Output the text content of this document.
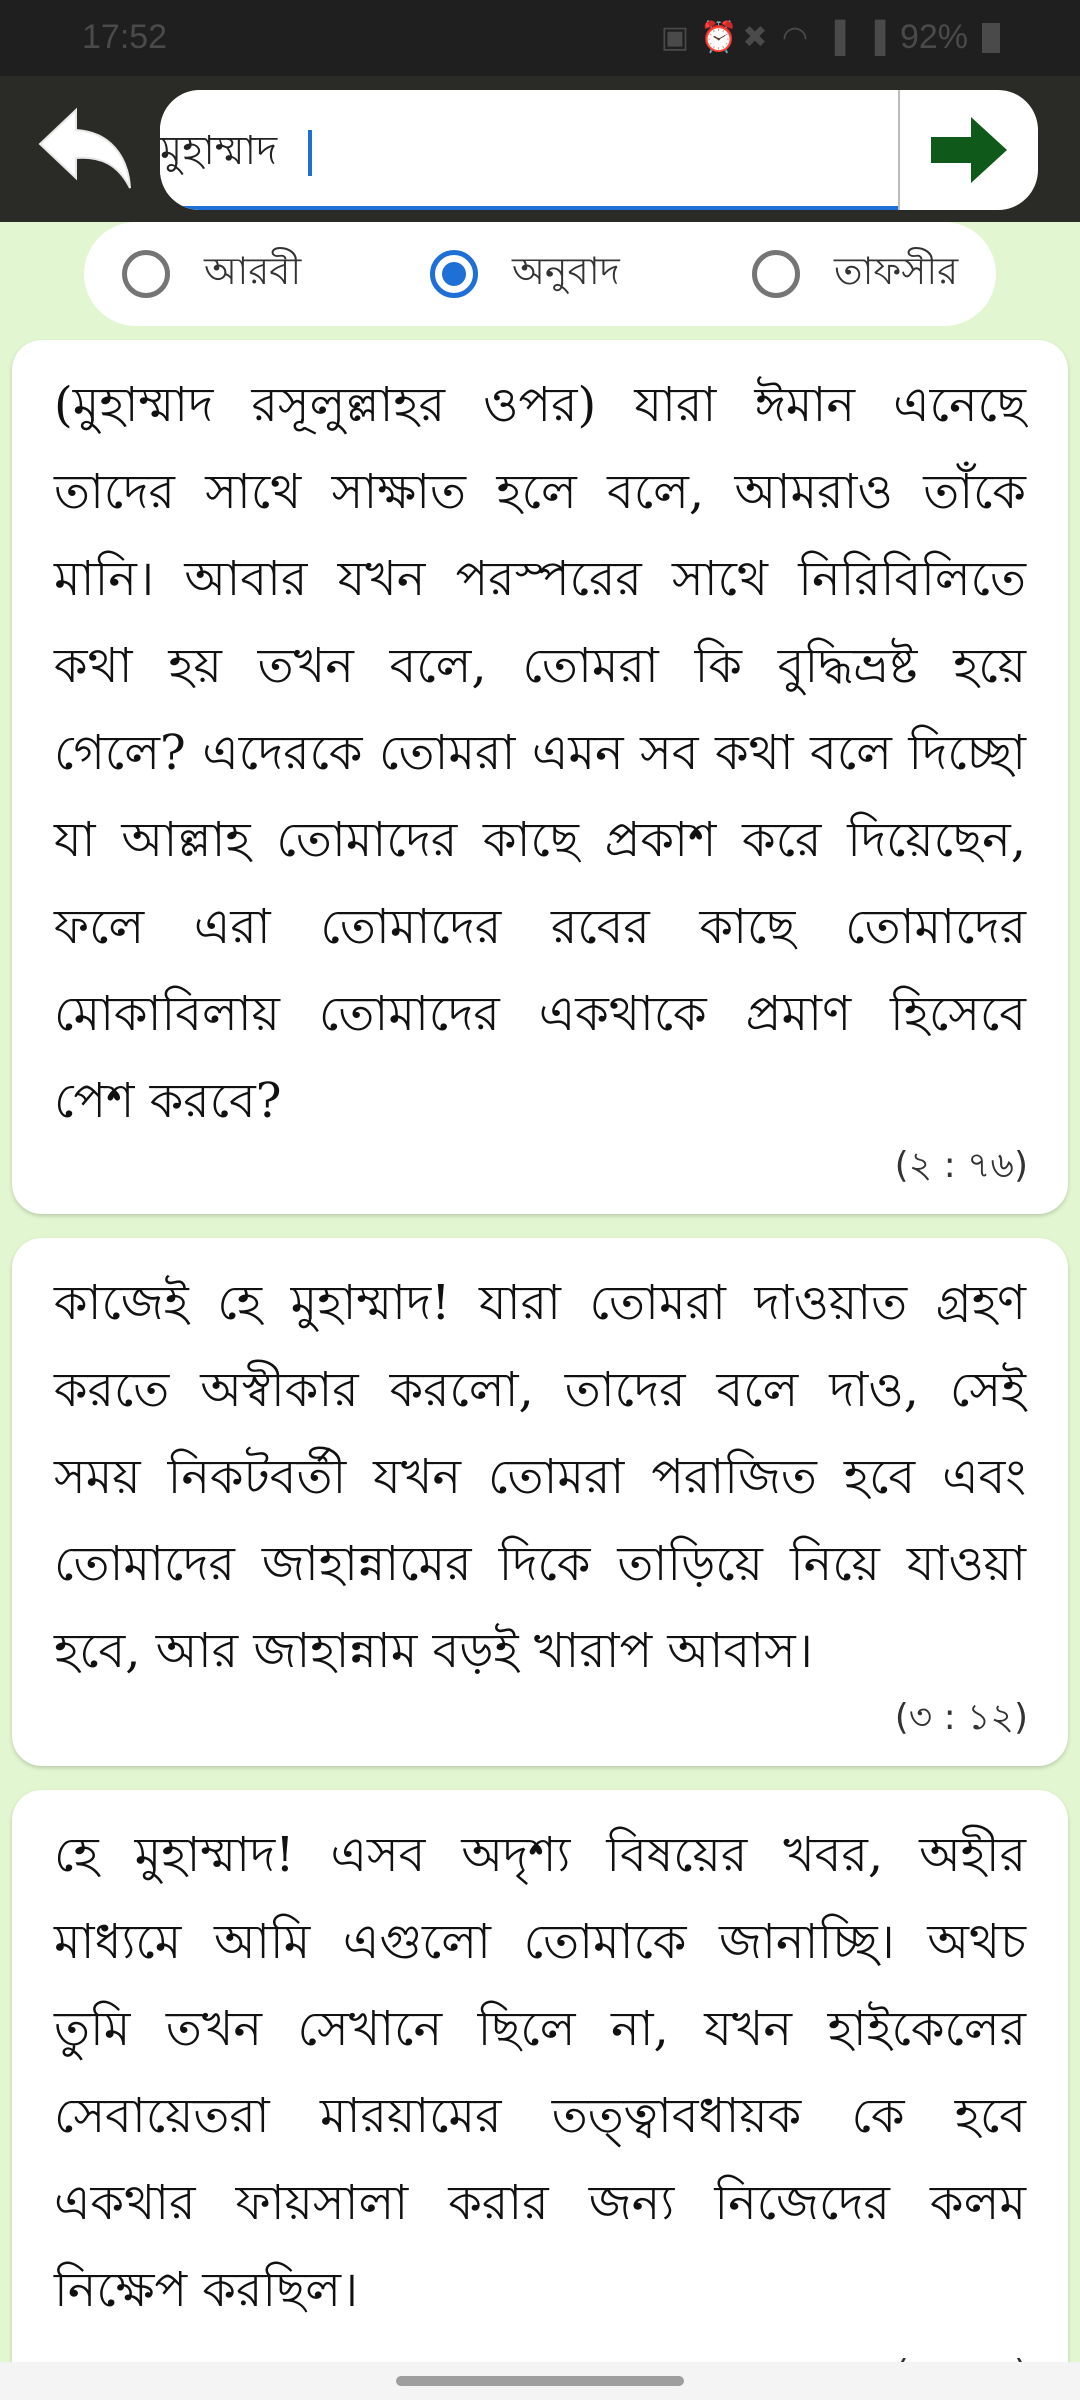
17:52	▣ ⏰ ✖ ◠ ▐ ▐ 92%
মুহাম্মাদ
আরবী	অনুবাদ	তাফসীর
(মুহাম্মাদ রসূলুল্লাহর ওপর) যারা ঈমান এনেছে তাদের সাথে সাক্ষাত হলে বলে, আমরাও তাঁকে মানি। আবার যখন পরস্পরের সাথে নিরিবিলিতে কথা হয় তখন বলে, তোমরা কি বুদ্ধিভ্রষ্ট হয়ে গেলে? এদেরকে তোমরা এমন সব কথা বলে দিচ্ছো যা আল্লাহ তোমাদের কাছে প্রকাশ করে দিয়েছেন, ফলে এরা তোমাদের রবের কাছে তোমাদের মোকাবিলায় তোমাদের একথাকে প্রমাণ হিসেবে পেশ করবে?
(২ : ৭৬)
কাজেই হে মুহাম্মাদ! যারা তোমরা দাওয়াত গ্রহণ করতে অস্বীকার করলো, তাদের বলে দাও, সেই সময় নিকটবর্তী যখন তোমরা পরাজিত হবে এবং তোমাদের জাহান্নামের দিকে তাড়িয়ে নিয়ে যাওয়া হবে, আর জাহান্নাম বড়ই খারাপ আবাস।
(৩ : ১২)
হে মুহাম্মাদ! এসব অদৃশ্য বিষয়ের খবর, অহীর মাধ্যমে আমি এগুলো তোমাকে জানাচ্ছি। অথচ তুমি তখন সেখানে ছিলে না, যখন হাইকেলের সেবায়েতরা মারয়ামের তত্ত্বাবধায়ক কে হবে একথার ফায়সালা করার জন্য নিজেদের কলম নিক্ষেপ করছিল।
